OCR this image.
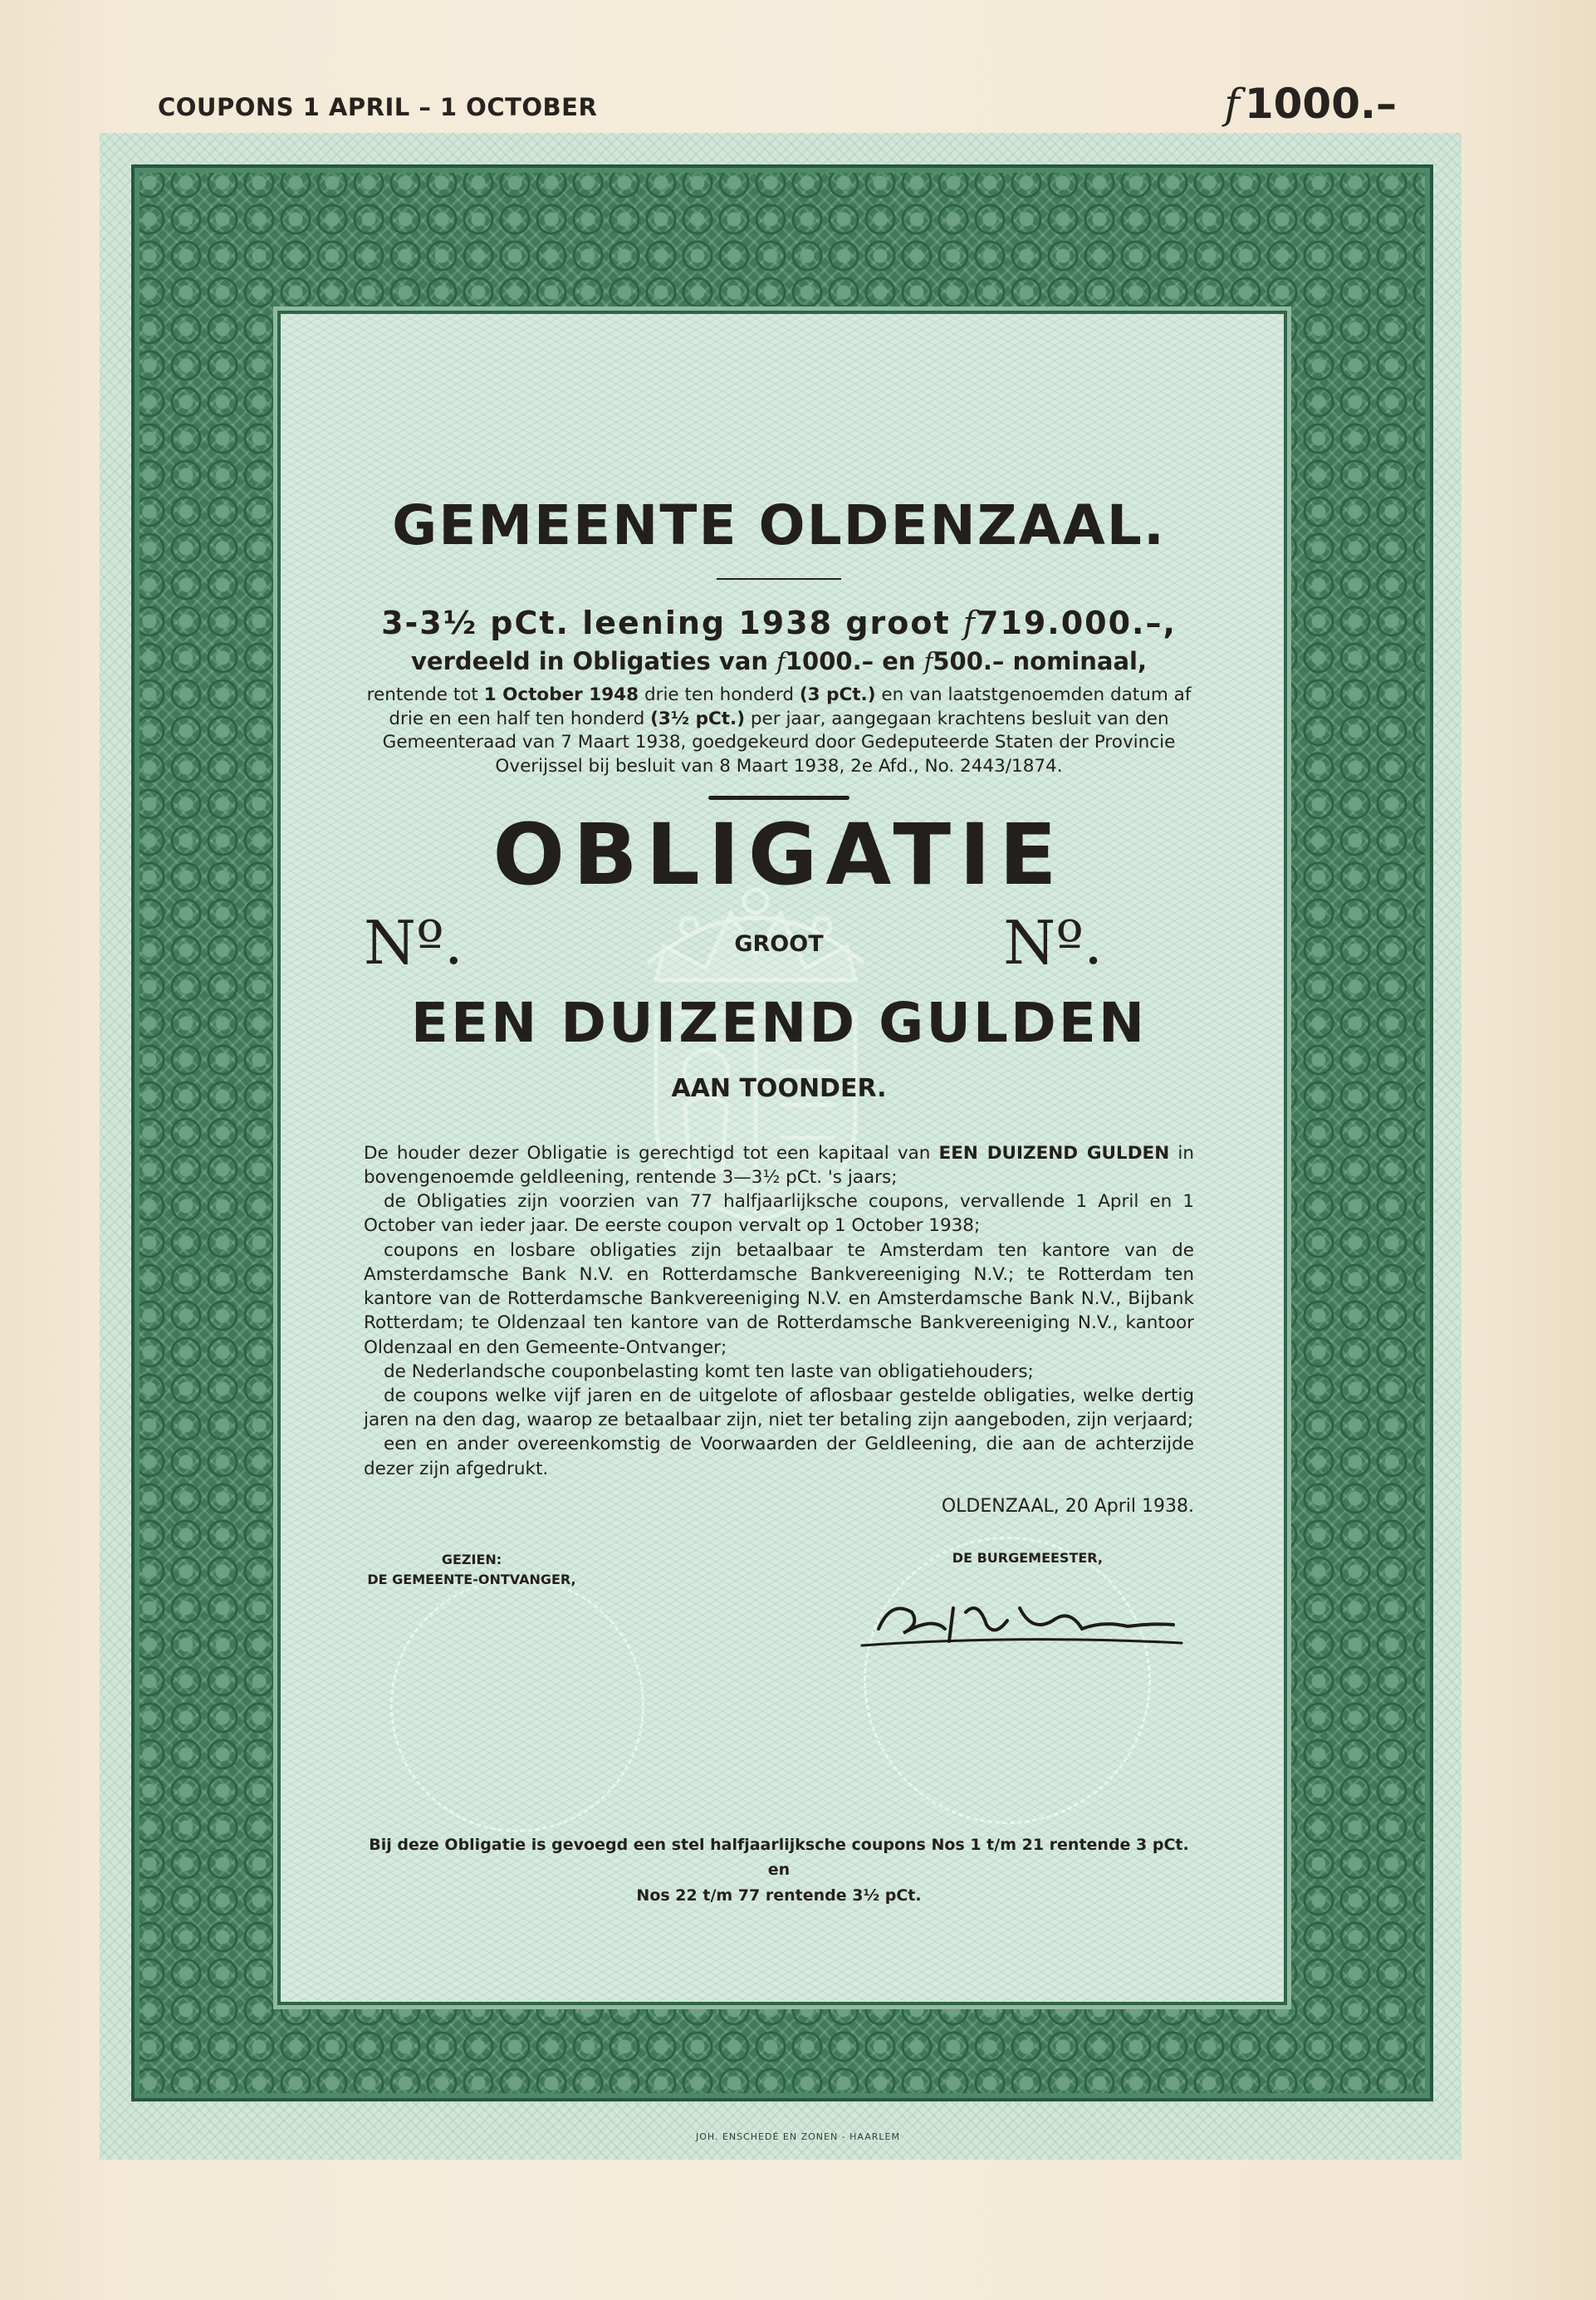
COUPONS 1 APRIL – 1 OCTOBER	f 1000.–
GEMEENTE OLDENZAAL.
3-3½ pCt. leening 1938 groot f719.000.–,
verdeeld in Obligaties van f1000.– en f500.– nominaal,
rentende tot 1 October 1948 drie ten honderd (3 pCt.) en van laatstgenoemden datum af drie en een half ten honderd (3½ pCt.) per jaar, aangegaan krachtens besluit van den Gemeenteraad van 7 Maart 1938, goedgekeurd door Gedeputeerde Staten der Provincie Overijssel bij besluit van 8 Maart 1938, 2e Afd., No. 2443/1874.
OBLIGATIE
Nº.	GROOT	Nº.
EEN DUIZEND GULDEN
AAN TOONDER.

De houder dezer Obligatie is gerechtigd tot een kapitaal van EEN DUIZEND GULDEN in bovengenoemde geldleening, rentende 3—3½ pCt. 's jaars;

de Obligaties zijn voorzien van 77 halfjaarlijksche coupons, vervallende 1 April en 1 October van ieder jaar. De eerste coupon vervalt op 1 October 1938;

coupons en losbare obligaties zijn betaalbaar te Amsterdam ten kantore van de Amsterdamsche Bank N.V. en Rotterdamsche Bankvereeniging N.V.; te Rotterdam ten kantore van de Rotterdamsche Bankvereeniging N.V. en Amsterdamsche Bank N.V., Bijbank Rotterdam; te Oldenzaal ten kantore van de Rotterdamsche Bankvereeniging N.V., kantoor Oldenzaal en den Gemeente-Ontvanger;

de Nederlandsche couponbelasting komt ten laste van obligatiehouders;

de coupons welke vijf jaren en de uitgelote of aflosbaar gestelde obligaties, welke dertig jaren na den dag, waarop ze betaalbaar zijn, niet ter betaling zijn aangeboden, zijn verjaard;

een en ander overeenkomstig de Voorwaarden der Geldleening, die aan de achterzijde dezer zijn afgedrukt.

OLDENZAAL, 20 April 1938.
GEZIEN:
DE GEMEENTE-ONTVANGER,
DE BURGEMEESTER,
Bij deze Obligatie is gevoegd een stel halfjaarlijksche coupons Nos 1 t/m 21 rentende 3 pCt. en
Nos 22 t/m 77 rentende 3½ pCt.
JOH. ENSCHEDÉ EN ZONEN - HAARLEM
